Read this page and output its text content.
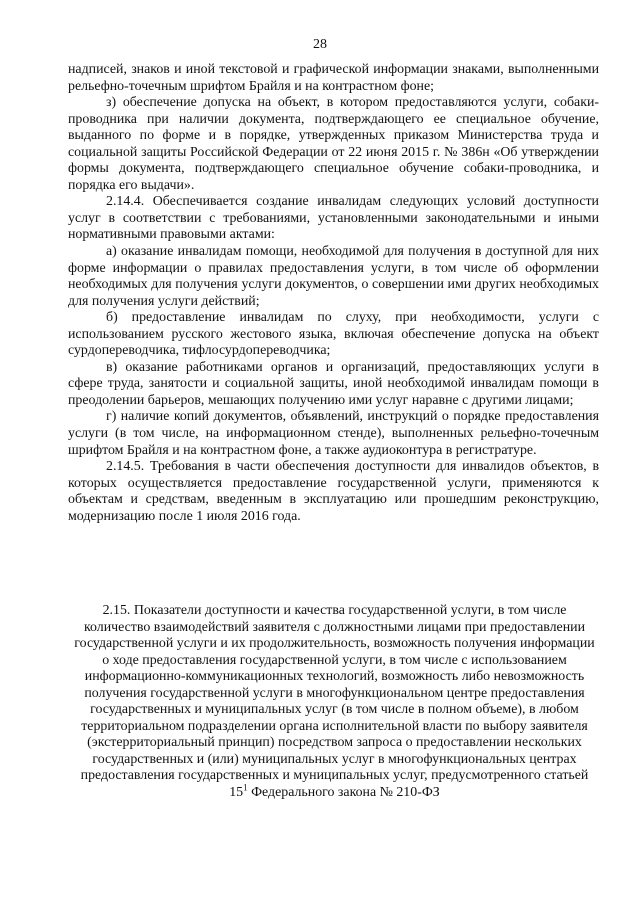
28

надписей, знаков и иной текстовой и графической информации знаками, выполненными рельефно-точечным шрифтом Брайля и на контрастном фоне;

з) обеспечение допуска на объект, в котором предоставляются услуги, собаки-проводника при наличии документа, подтверждающего ее специальное обучение, выданного по форме и в порядке, утвержденных приказом Министерства труда и социальной защиты Российской Федерации от 22 июня 2015 г. № 386н «Об утверждении формы документа, подтверждающего специальное обучение собаки-проводника, и порядка его выдачи».

2.14.4. Обеспечивается создание инвалидам следующих условий доступности услуг в соответствии с требованиями, установленными законодательными и иными нормативными правовыми актами:

а) оказание инвалидам помощи, необходимой для получения в доступной для них форме информации о правилах предоставления услуги, в том числе об оформлении необходимых для получения услуги документов, о совершении ими других необходимых для получения услуги действий;

б) предоставление инвалидам по слуху, при необходимости, услуги с использованием русского жестового языка, включая обеспечение допуска на объект сурдопереводчика, тифлосурдопереводчика;

в) оказание работниками органов и организаций, предоставляющих услуги в сфере труда, занятости и социальной защиты, иной необходимой инвалидам помощи в преодолении барьеров, мешающих получению ими услуг наравне с другими лицами;

г) наличие копий документов, объявлений, инструкций о порядке предоставления услуги (в том числе, на информационном стенде), выполненных рельефно-точечным шрифтом Брайля и на контрастном фоне, а также аудиоконтура в регистратуре.

2.14.5. Требования в части обеспечения доступности для инвалидов объектов, в которых осуществляется предоставление государственной услуги, применяются к объектам и средствам, введенным в эксплуатацию или прошедшим реконструкцию, модернизацию после 1 июля 2016 года.

2.15. Показатели доступности и качества государственной услуги, в том числе количество взаимодействий заявителя с должностными лицами при предоставлении государственной услуги и их продолжительность, возможность получения информации о ходе предоставления государственной услуги, в том числе с использованием информационно-коммуникационных технологий, возможность либо невозможность получения государственной услуги в многофункциональном центре предоставления государственных и муниципальных услуг (в том числе в полном объеме), в любом территориальном подразделении органа исполнительной власти по выбору заявителя (экстерриториальный принцип) посредством запроса о предоставлении нескольких государственных и (или) муниципальных услуг в многофункциональных центрах предоставления государственных и муниципальных услуг, предусмотренного статьей $15^1$ Федерального закона № 210-ФЗ
